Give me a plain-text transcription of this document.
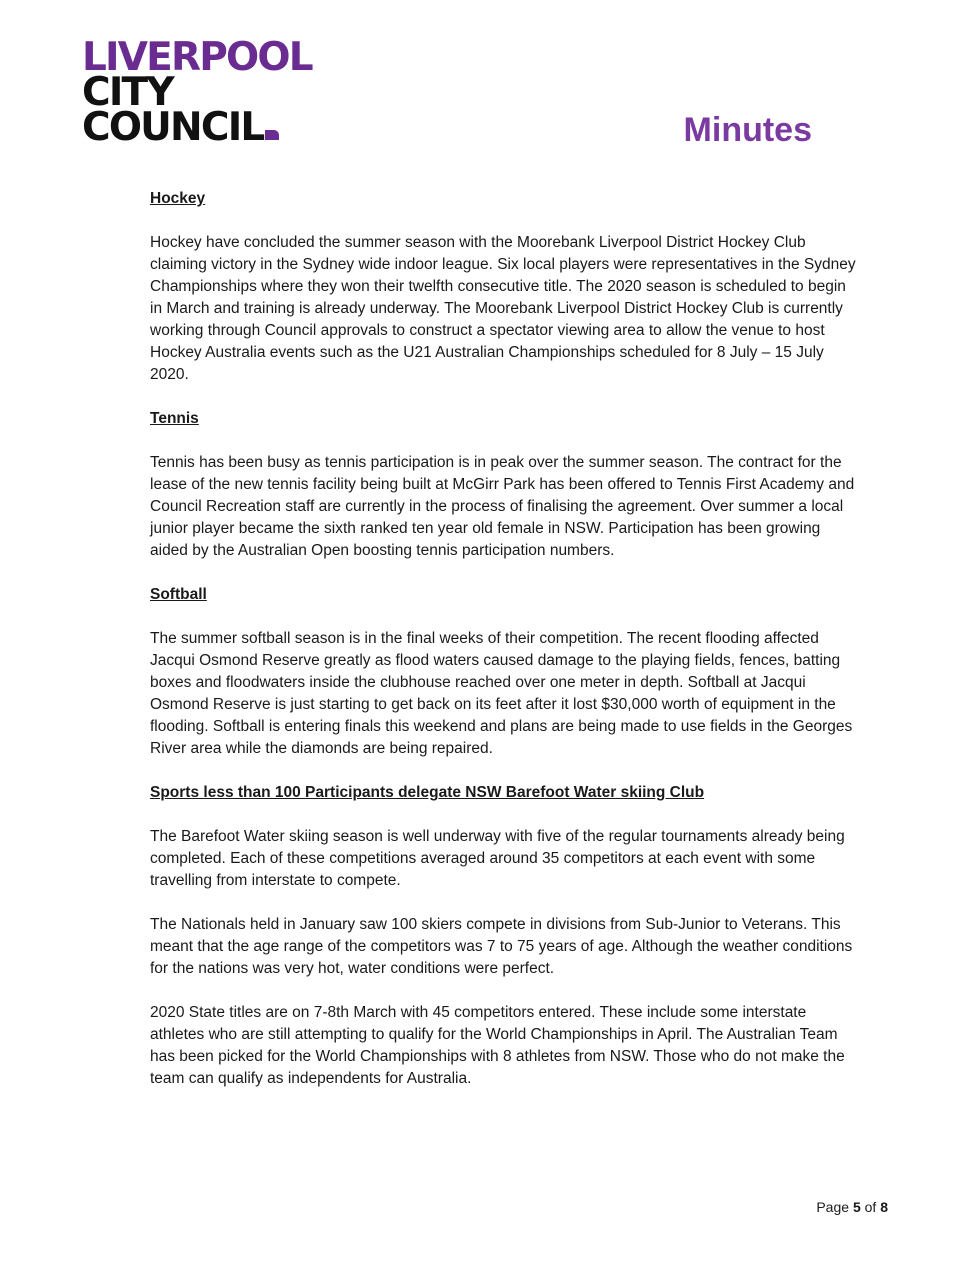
LIVERPOOL
CITY
COUNCIL	Minutes

Hockey

Hockey have concluded the summer season with the Moorebank Liverpool District Hockey Club claiming victory in the Sydney wide indoor league. Six local players were representatives in the Sydney Championships where they won their twelfth consecutive title. The 2020 season is scheduled to begin in March and training is already underway. The Moorebank Liverpool District Hockey Club is currently working through Council approvals to construct a spectator viewing area to allow the venue to host Hockey Australia events such as the U21 Australian Championships scheduled for 8 July – 15 July 2020.

Tennis

Tennis has been busy as tennis participation is in peak over the summer season. The contract for the lease of the new tennis facility being built at McGirr Park has been offered to Tennis First Academy and Council Recreation staff are currently in the process of finalising the agreement. Over summer a local junior player became the sixth ranked ten year old female in NSW. Participation has been growing aided by the Australian Open boosting tennis participation numbers.

Softball

The summer softball season is in the final weeks of their competition. The recent flooding affected Jacqui Osmond Reserve greatly as flood waters caused damage to the playing fields, fences, batting boxes and floodwaters inside the clubhouse reached over one meter in depth. Softball at Jacqui Osmond Reserve is just starting to get back on its feet after it lost $30,000 worth of equipment in the flooding. Softball is entering finals this weekend and plans are being made to use fields in the Georges River area while the diamonds are being repaired.

Sports less than 100 Participants delegate NSW Barefoot Water skiing Club

The Barefoot Water skiing season is well underway with five of the regular tournaments already being completed. Each of these competitions averaged around 35 competitors at each event with some travelling from interstate to compete.

The Nationals held in January saw 100 skiers compete in divisions from Sub-Junior to Veterans. This meant that the age range of the competitors was 7 to 75 years of age. Although the weather conditions for the nations was very hot, water conditions were perfect.

2020 State titles are on 7-8th March with 45 competitors entered. These include some interstate athletes who are still attempting to qualify for the World Championships in April. The Australian Team has been picked for the World Championships with 8 athletes from NSW. Those who do not make the team can qualify as independents for Australia.

Page 5 of 8
